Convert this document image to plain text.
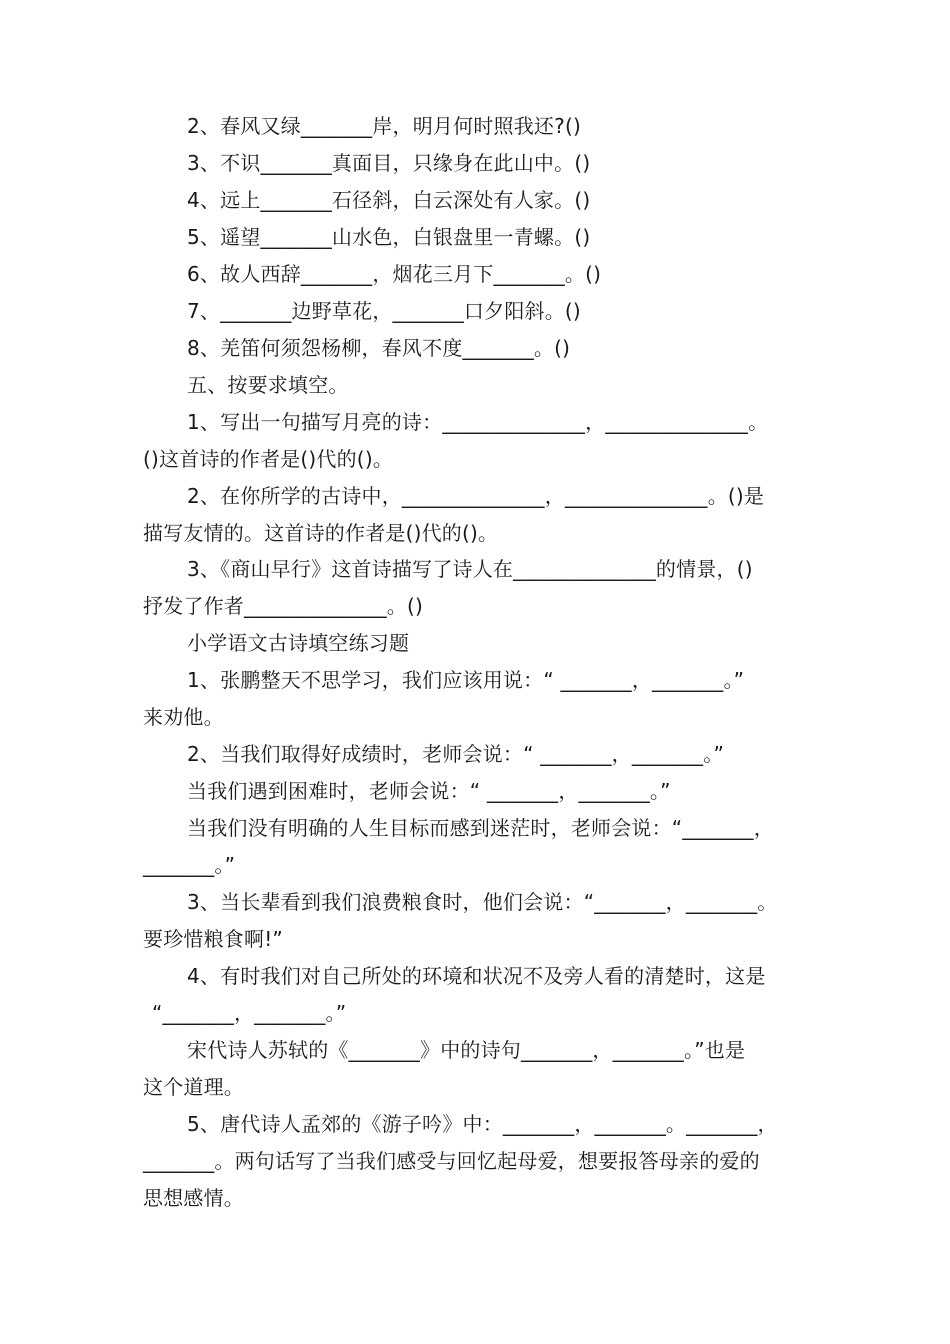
2、春风又绿_______岸，明月何时照我还?()
3、不识_______真面目，只缘身在此山中。()
4、远上_______石径斜，白云深处有人家。()
5、遥望_______山水色，白银盘里一青螺。()
6、故人西辞_______，烟花三月下_______。()
7、_______边野草花，_______口夕阳斜。()
8、羌笛何须怨杨柳，春风不度_______。()
五、按要求填空。
1、写出一句描写月亮的诗：______________，______________。
()这首诗的作者是()代的()。
2、在你所学的古诗中，______________，______________。()是
描写友情的。这首诗的作者是()代的()。
3、《商山早行》这首诗描写了诗人在______________的情景，()
抒发了作者______________。()
小学语文古诗填空练习题
1、张鹏整天不思学习，我们应该用说：“ _______，_______。”
来劝他。
2、当我们取得好成绩时，老师会说：“ _______，_______。”
当我们遇到困难时，老师会说：“ _______，_______。”
当我们没有明确的人生目标而感到迷茫时，老师会说：“_______，
_______。”
3、当长辈看到我们浪费粮食时，他们会说：“_______，_______。
要珍惜粮食啊!”
4、有时我们对自己所处的环境和状况不及旁人看的清楚时，这是
“_______，_______。”
宋代诗人苏轼的《_______》中的诗句_______，_______。”也是
这个道理。
5、唐代诗人孟郊的《游子吟》中：_______，_______。_______，
_______。两句话写了当我们感受与回忆起母爱，想要报答母亲的爱的
思想感情。
